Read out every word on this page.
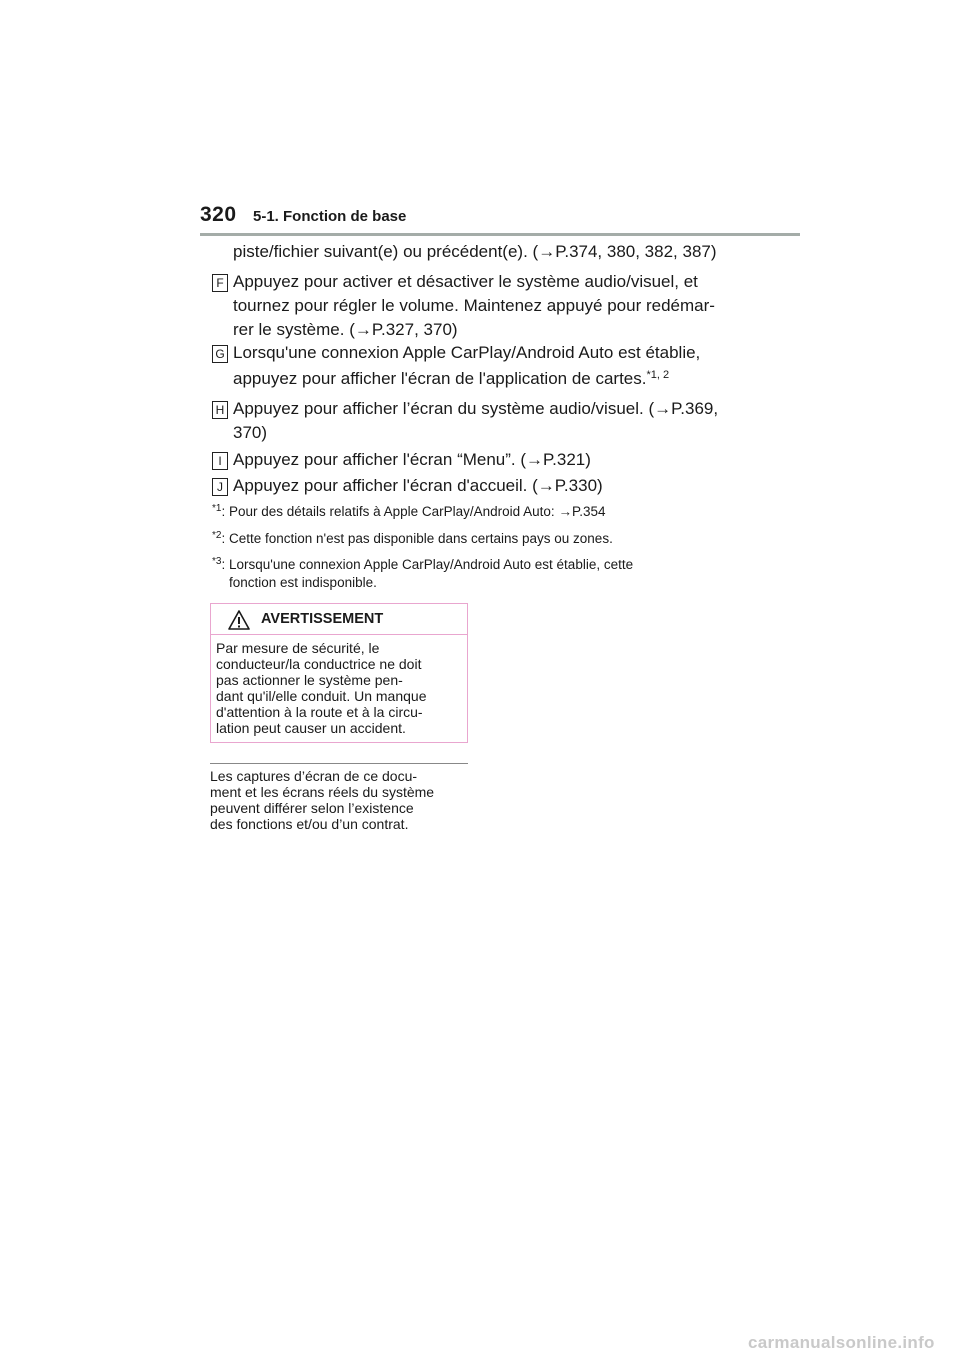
320 5-1. Fonction de base
piste/fichier suivant(e) ou précédent(e). (→P.374, 380, 382, 387)
F Appuyez pour activer et désactiver le système audio/visuel, et
tournez pour régler le volume. Maintenez appuyé pour redémar-
rer le système. (→P.327, 370)
G Lorsqu'une connexion Apple CarPlay/Android Auto est établie,
appuyez pour afficher l'écran de l'application de cartes.$^{*1, 2}$
H Appuyez pour afficher l’écran du système audio/visuel. (→P.369,
370)
I Appuyez pour afficher l'écran “Menu”. (→P.321)
J Appuyez pour afficher l'écran d'accueil. (→P.330)
$^{*1}$: Pour des détails relatifs à Apple CarPlay/Android Auto: →P.354
$^{*2}$: Cette fonction n'est pas disponible dans certains pays ou zones.
$^{*3}$: Lorsqu'une connexion Apple CarPlay/Android Auto est établie, cette
fonction est indisponible.
AVERTISSEMENT
Par mesure de sécurité, le
conducteur/la conductrice ne doit
pas actionner le système pen-
dant qu'il/elle conduit. Un manque
d'attention à la route et à la circu-
lation peut causer un accident.
Les captures d’écran de ce docu-
ment et les écrans réels du système
peuvent différer selon l’existence
des fonctions et/ou d’un contrat.
carmanualsonline.info
